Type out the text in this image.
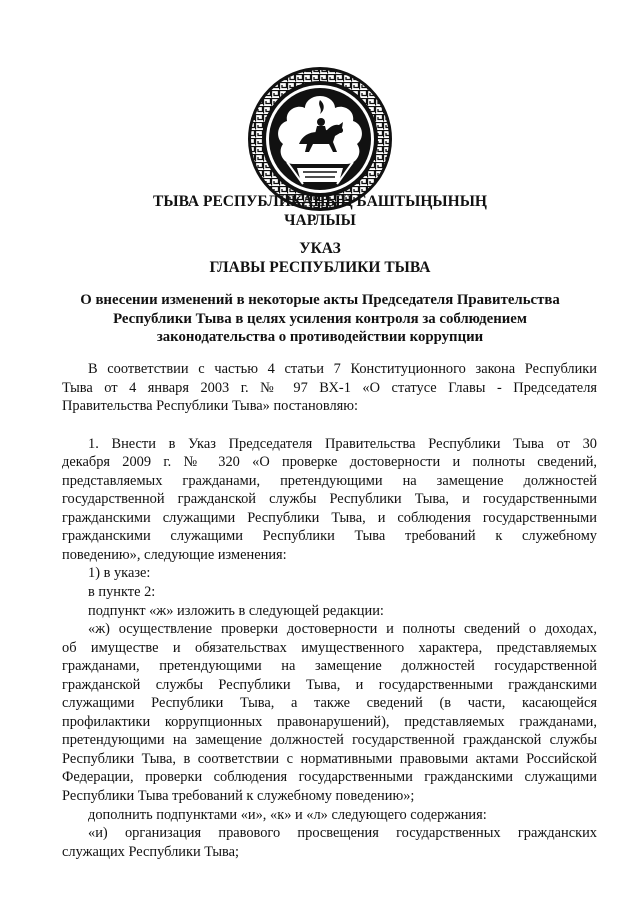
ТЫВА РЕСПУБЛИКАНЫҢ БАШТЫҢЫНЫҢ
ЧАРЛЫЫ
УКАЗ
ГЛАВЫ РЕСПУБЛИКИ ТЫВА
О внесении изменений в некоторые акты Председателя Правительства
Республики Тыва в целях усиления контроля за соблюдением
законодательства о противодействии коррупции

В соответствии с частью 4 статьи 7 Конституционного закона Республики

Тыва от 4 января 2003 г. № 97 ВХ-1 «О статусе Главы - Председателя

Правительства Республики Тыва» постановляю:

1. Внести в Указ Председателя Правительства Республики Тыва от 30

декабря 2009 г. № 320 «О проверке достоверности и полноты сведений,

представляемых гражданами, претендующими на замещение должностей

государственной гражданской службы Республики Тыва, и государственными

гражданскими служащими Республики Тыва, и соблюдения государственными

гражданскими служащими Республики Тыва требований к служебному

поведению», следующие изменения:

1) в указе:

в пункте 2:

подпункт «ж» изложить в следующей редакции:

«ж) осуществление проверки достоверности и полноты сведений о доходах,

об имуществе и обязательствах имущественного характера, представляемых

гражданами, претендующими на замещение должностей государственной

гражданской службы Республики Тыва, и государственными гражданскими

служащими Республики Тыва, а также сведений (в части, касающейся

профилактики коррупционных правонарушений), представляемых гражданами,

претендующими на замещение должностей государственной гражданской службы

Республики Тыва, в соответствии с нормативными правовыми актами Российской

Федерации, проверки соблюдения государственными гражданскими служащими

Республики Тыва требований к служебному поведению»;

дополнить подпунктами «и», «к» и «л» следующего содержания:

«и) организация правового просвещения государственных гражданских

служащих Республики Тыва;
